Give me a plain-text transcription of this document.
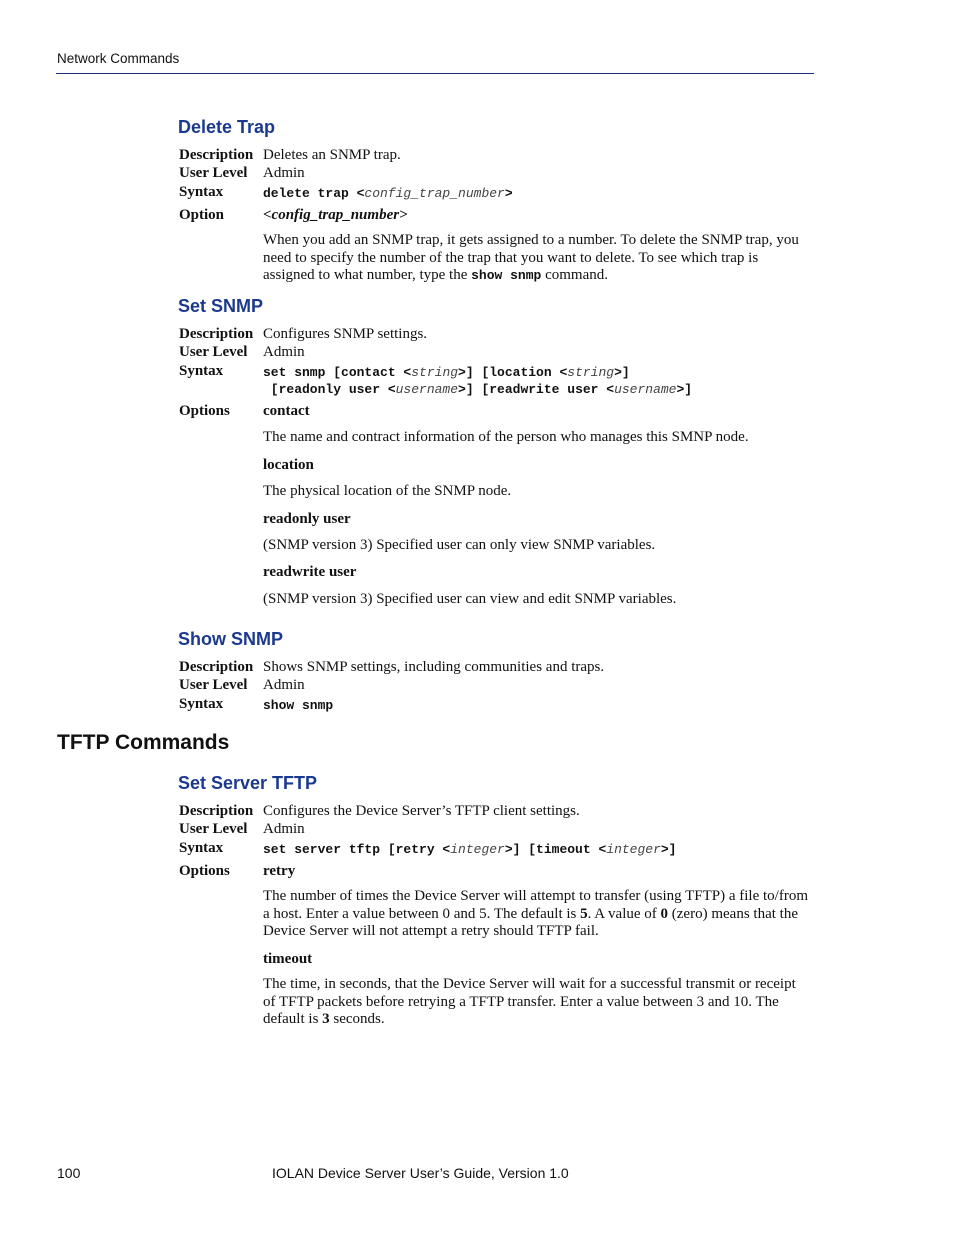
Network Commands
Delete Trap
Description Deletes an SNMP trap.
User Level Admin
Syntax	delete trap <config_trap_number>
Option	<config_trap_number>
When you add an SNMP trap, it gets assigned to a number. To delete the SNMP trap, you need to specify the number of the trap that you want to delete. To see which trap is assigned to what number, type the show snmp command.
Set SNMP
Description Configures SNMP settings.
User Level Admin
Syntax	set snmp [contact <string>] [location <string>]
[readonly user <username>] [readwrite user <username>]
Options contact
The name and contract information of the person who manages this SMNP node.
location
The physical location of the SNMP node.
readonly user
(SNMP version 3) Specified user can only view SNMP variables.
readwrite user
(SNMP version 3) Specified user can view and edit SNMP variables.
Show SNMP
Description Shows SNMP settings, including communities and traps.
User Level Admin
Syntax	show snmp
TFTP Commands
Set Server TFTP
Description Configures the Device Server’s TFTP client settings.
User Level Admin
Syntax	set server tftp [retry <integer>] [timeout <integer>]
Options retry
The number of times the Device Server will attempt to transfer (using TFTP) a file to/from a host. Enter a value between 0 and 5. The default is 5. A value of 0 (zero) means that the Device Server will not attempt a retry should TFTP fail.
timeout
The time, in seconds, that the Device Server will wait for a successful transmit or receipt of TFTP packets before retrying a TFTP transfer. Enter a value between 3 and 10. The default is 3 seconds.
100	IOLAN Device Server User’s Guide, Version 1.0
